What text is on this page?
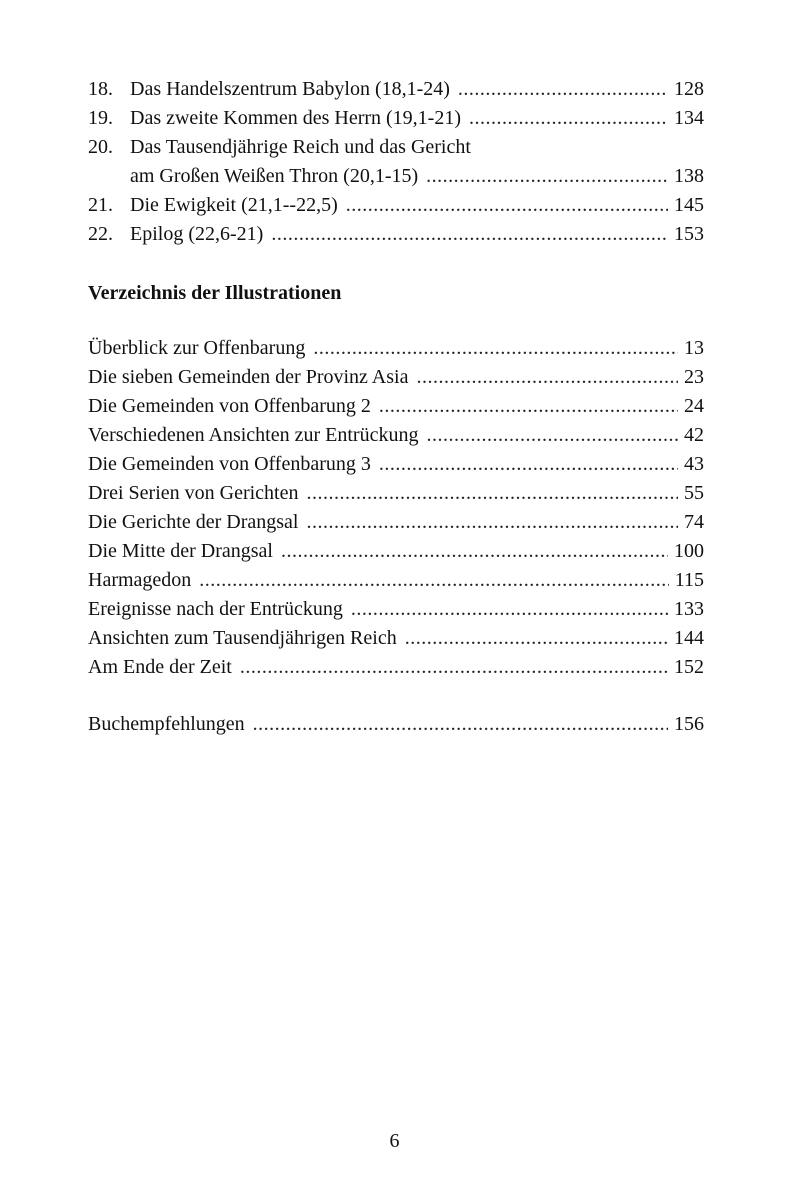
18. Das Handelszentrum Babylon (18,1-24) .....	128
19. Das zweite Kommen des Herrn (19,1-21) .....	134
20. Das Tausendjährige Reich und das Gericht
am Großen Weißen Thron (20,1-15) .....	138
21. Die Ewigkeit (21,1--22,5) .....	145
22. Epilog (22,6-21) .....	153
Verzeichnis der Illustrationen
Überblick zur Offenbarung .....	13
Die sieben Gemeinden der Provinz Asia .....	23
Die Gemeinden von Offenbarung 2 .....	24
Verschiedenen Ansichten zur Entrückung .....	42
Die Gemeinden von Offenbarung 3 .....	43
Drei Serien von Gerichten .....	55
Die Gerichte der Drangsal .....	74
Die Mitte der Drangsal .....	100
Harmagedon .....	115
Ereignisse nach der Entrückung .....	133
Ansichten zum Tausendjährigen Reich .....	144
Am Ende der Zeit .....	152
Buchempfehlungen .....	156
6
